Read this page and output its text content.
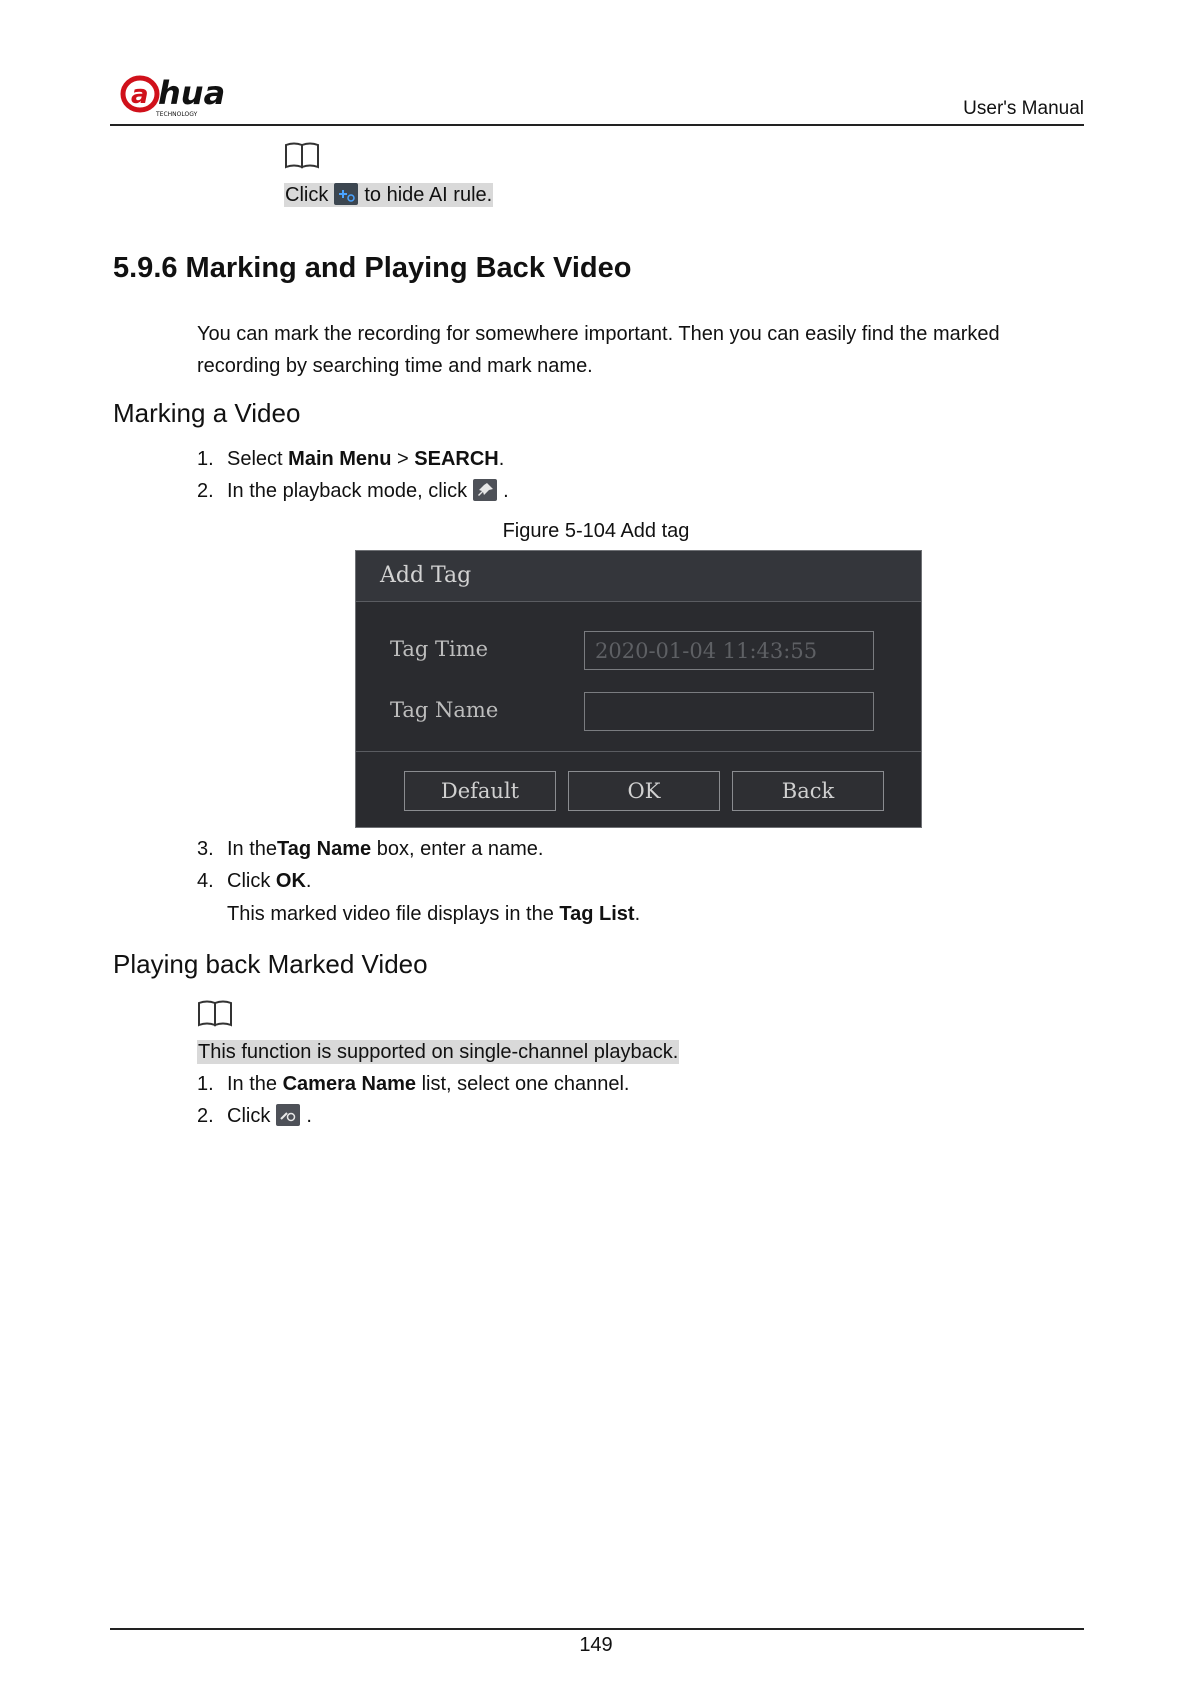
a hua
TECHNOLOGY	User's Manual
Click to hide AI rule.
5.9.6 Marking and Playing Back Video
You can mark the recording for somewhere important. Then you can easily find the marked recording by searching time and mark name.
Marking a Video
1. Select Main Menu > SEARCH.
2. In the playback mode, click .
Figure 5-104 Add tag
Add Tag
Tag Time	2020-01-04 11:43:55
Tag Name
Default	OK	Back
3. In theTag Name box, enter a name.
4. Click OK.
This marked video file displays in the Tag List.
Playing back Marked Video
This function is supported on single-channel playback.
1. In the Camera Name list, select one channel.
2. Click .
149
